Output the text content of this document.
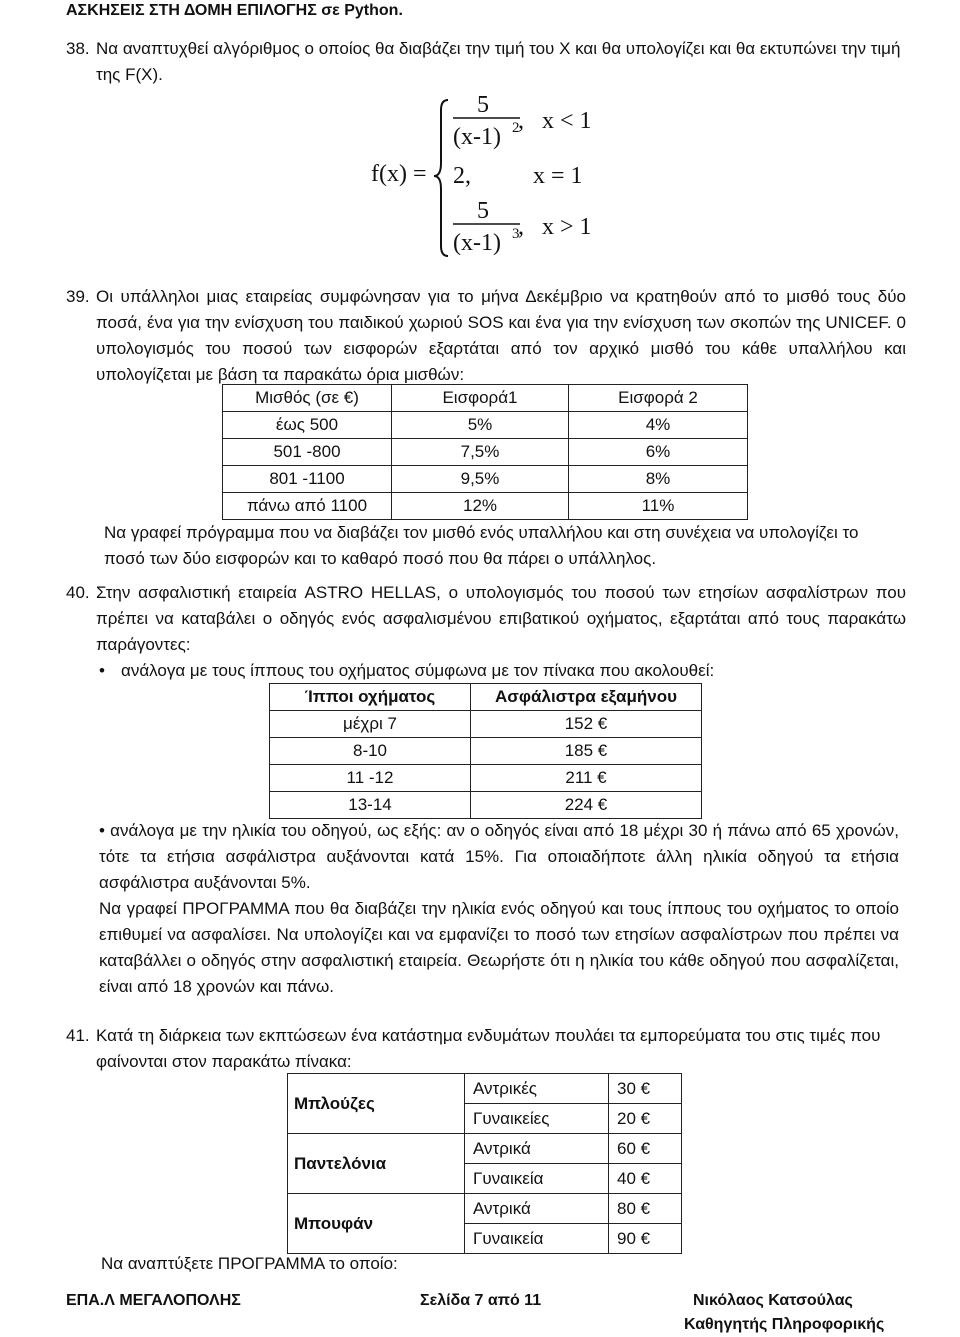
ΑΣΚΗΣΕΙΣ ΣΤΗ ΔΟΜΗ ΕΠΙΛΟΓΗΣ σε Python.
38. Να αναπτυχθεί αλγόριθμος ο οποίος θα διαβάζει την τιμή του Χ και θα υπολογίζει και θα εκτυπώνει την τιμή της F(X).
f(x) =
5
(x-1) 2
,   x < 1
2,	x = 1
5
(x-1) 3
,   x > 1
39. Οι υπάλληλοι μιας εταιρείας συμφώνησαν για το μήνα Δεκέμβριο να κρατηθούν από το μισθό τους δύο ποσά, ένα για την ενίσχυση του παιδικού χωριού SOS και ένα για την ενίσχυση των σκοπών της UNICEF. 0 υπολογισμός του ποσού των εισφορών εξαρτάται από τον αρχικό μισθό του κάθε υπαλλήλου και υπολογίζεται με βάση τα παρακάτω όρια μισθών:
Μισθός (σε €)	Εισφορά1	Εισφορά 2
έως 500	5%	4%
501 -800	7,5%	6%
801 -1100	9,5%	8%
πάνω από 1100	12%	11%
Να γραφεί πρόγραμμα που να διαβάζει τον μισθό ενός υπαλλήλου και στη συνέχεια να υπολογίζει το ποσό των δύο εισφορών και το καθαρό ποσό που θα πάρει ο υπάλληλος.
40. Στην ασφαλιστική εταιρεία ASTRO HELLAS, ο υπολογισμός του ποσού των ετησίων ασφαλίστρων που πρέπει να καταβάλει ο οδηγός ενός ασφαλισμένου επιβατικού οχήματος, εξαρτάται από τους παρακάτω παράγοντες:
• ανάλογα με τους ίππους του οχήματος σύμφωνα με τον πίνακα που ακολουθεί:
Ίπποι οχήματος	Ασφάλιστρα εξαμήνου
μέχρι 7	152 €
8-10	185 €
11 -12	211 €
13-14	224 €
• ανάλογα με την ηλικία του οδηγού, ως εξής: αν ο οδηγός είναι από 18 μέχρι 30 ή πάνω από 65 χρονών, τότε τα ετήσια ασφάλιστρα αυξάνονται κατά 15%. Για οποιαδήποτε άλλη ηλικία οδηγού τα ετήσια ασφάλιστρα αυξάνονται 5%.
Να γραφεί ΠΡΟΓΡΑΜΜΑ που θα διαβάζει την ηλικία ενός οδηγού και τους ίππους του οχήματος το οποίο επιθυμεί να ασφαλίσει. Να υπολογίζει και να εμφανίζει το ποσό των ετησίων ασφαλίστρων που πρέπει να καταβάλλει ο οδηγός στην ασφαλιστική εταιρεία. Θεωρήστε ότι η ηλικία του κάθε οδηγού που ασφαλίζεται, είναι από 18 χρονών και πάνω.
41. Κατά τη διάρκεια των εκπτώσεων ένα κατάστημα ενδυμάτων πουλάει τα εμπορεύματα του στις τιμές που φαίνονται στον παρακάτω πίνακα:
Μπλούζες	Αντρικές	30 €
	Γυναικείες	20 €
Παντελόνια	Αντρικά	60 €
	Γυναικεία	40 €
Μπουφάν	Αντρικά	80 €
	Γυναικεία	90 €
Να αναπτύξετε ΠΡΟΓΡΑΜΜΑ το οποίο:
ΕΠΑ.Λ ΜΕΓΑΛΟΠΟΛΗΣ	Σελίδα 7 από 11	Νικόλαος Κατσούλας
Καθηγητής Πληροφορικής
